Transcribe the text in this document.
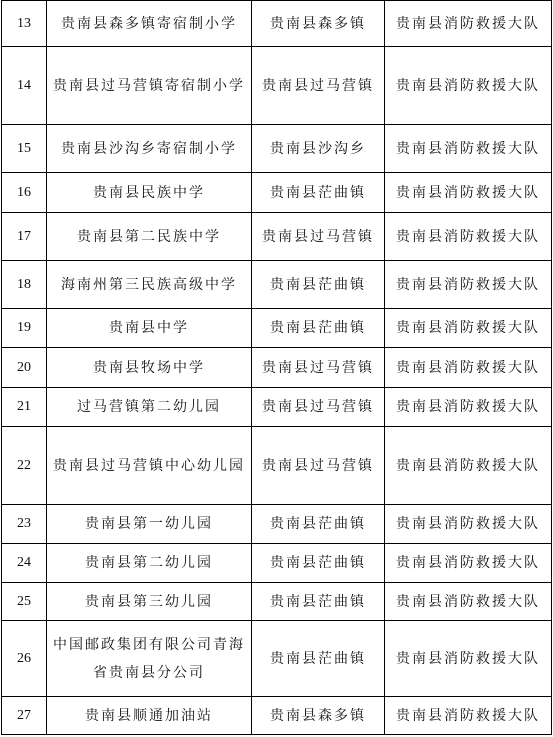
13	贵南县森多镇寄宿制小学	贵南县森多镇	贵南县消防救援大队
14	贵南县过马营镇寄宿制小学	贵南县过马营镇	贵南县消防救援大队
15	贵南县沙沟乡寄宿制小学	贵南县沙沟乡	贵南县消防救援大队
16	贵南县民族中学	贵南县茫曲镇	贵南县消防救援大队
17	贵南县第二民族中学	贵南县过马营镇	贵南县消防救援大队
18	海南州第三民族高级中学	贵南县茫曲镇	贵南县消防救援大队
19	贵南县中学	贵南县茫曲镇	贵南县消防救援大队
20	贵南县牧场中学	贵南县过马营镇	贵南县消防救援大队
21	过马营镇第二幼儿园	贵南县过马营镇	贵南县消防救援大队
22	贵南县过马营镇中心幼儿园	贵南县过马营镇	贵南县消防救援大队
23	贵南县第一幼儿园	贵南县茫曲镇	贵南县消防救援大队
24	贵南县第二幼儿园	贵南县茫曲镇	贵南县消防救援大队
25	贵南县第三幼儿园	贵南县茫曲镇	贵南县消防救援大队
26	中国邮政集团有限公司青海省贵南县分公司	贵南县茫曲镇	贵南县消防救援大队
27	贵南县顺通加油站	贵南县森多镇	贵南县消防救援大队
